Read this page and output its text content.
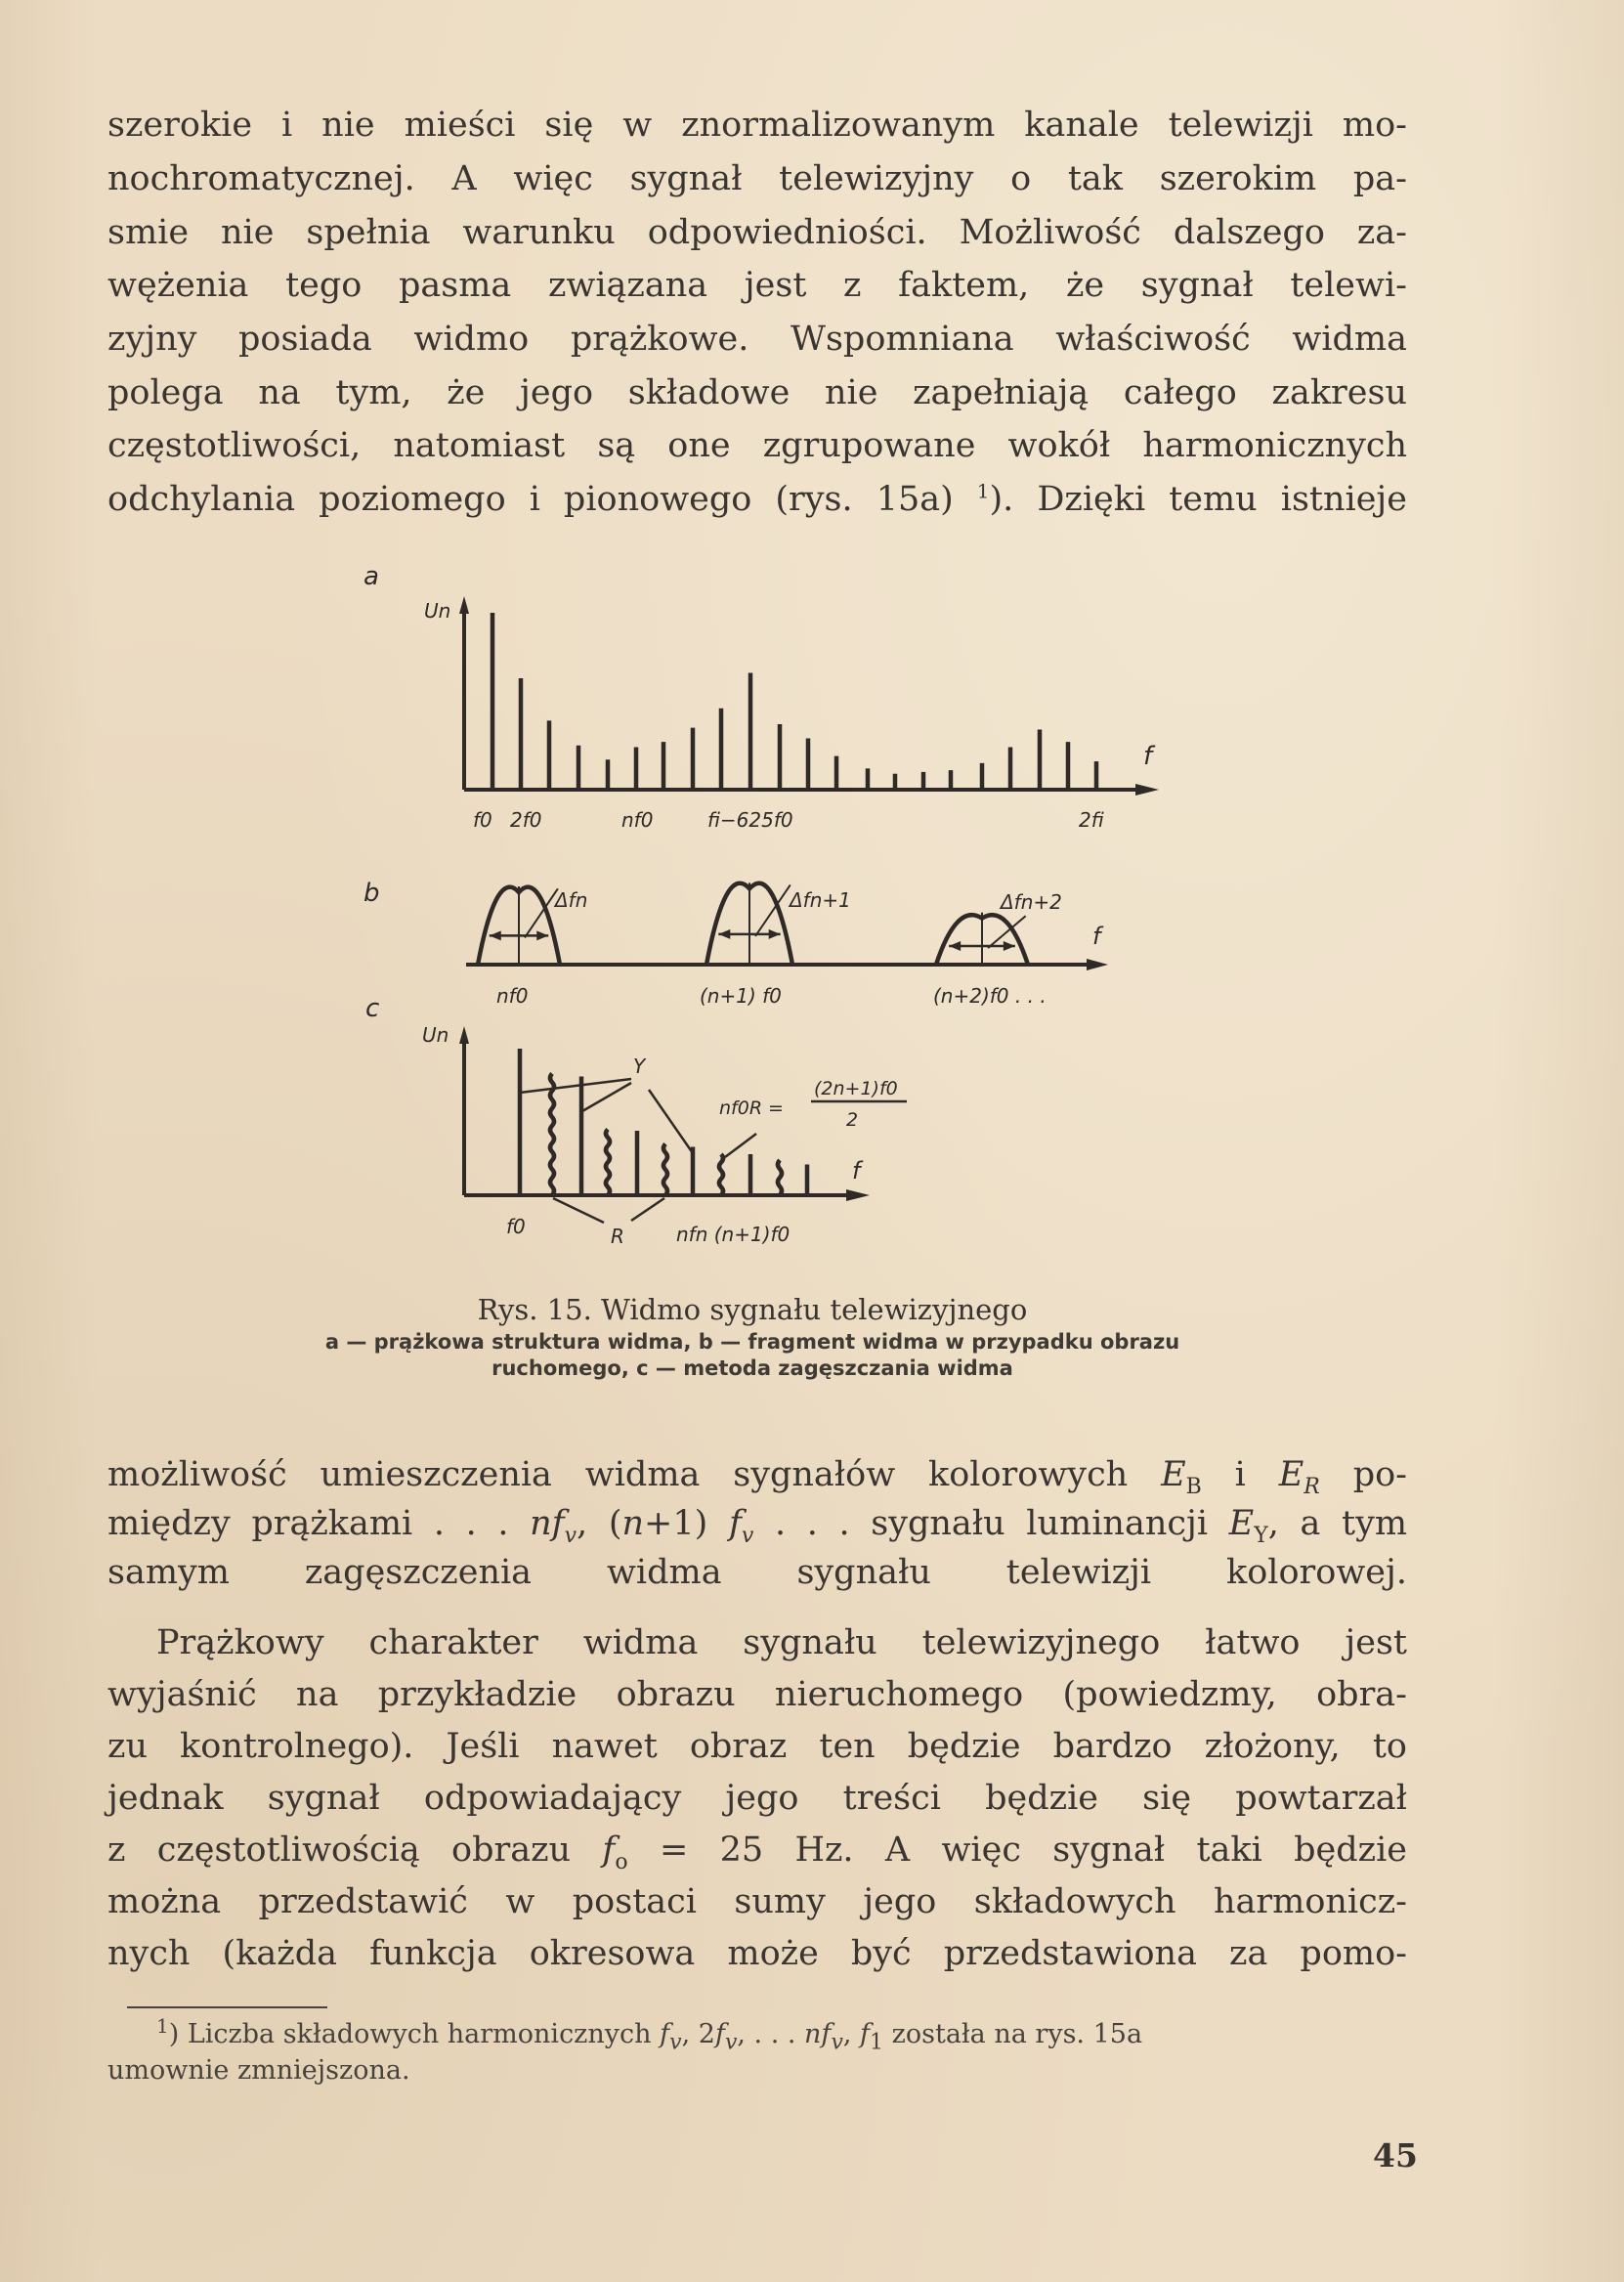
szerokie i nie mieści się w znormalizowanym kanale telewizji mo-
nochromatycznej. A więc sygnał telewizyjny o tak szerokim pa-
smie nie spełnia warunku odpowiedniości. Możliwość dalszego za-
wężenia tego pasma związana jest z faktem, że sygnał telewi-
zyjny posiada widmo prążkowe. Wspomniana właściwość widma
polega na tym, że jego składowe nie zapełniają całego zakresu
częstotliwości, natomiast są one zgrupowane wokół harmonicznych
odchylania poziomego i pionowego (rys. 15a) $^1$). Dzięki temu istnieje
a
Un
f
f0 2f0	nf0	fi−625f0	2fi
b
f
nf0	(n+1) f0	(n+2)f0 . . .
Δfn	Δfn+1	Δfn+2
c
Un
f
Y
R
nf0R =
(2n+1)f0
2
f0	nfn (n+1)f0
Rys. 15. Widmo sygnału telewizyjnego
a — prążkowa struktura widma, b — fragment widma w przypadku obrazu
ruchomego, c — metoda zagęszczania widma
możliwość umieszczenia widma sygnałów kolorowych $E_B$ i $E_R$ po-
między prążkami . . . $nf_v$, (n+1) $f_v$ . . . sygnału luminancji $E_Y$, a tym
samym zagęszczenia widma sygnału telewizji kolorowej.
Prążkowy charakter widma sygnału telewizyjnego łatwo jest
wyjaśnić na przykładzie obrazu nieruchomego (powiedzmy, obra-
zu kontrolnego). Jeśli nawet obraz ten będzie bardzo złożony, to
jednak sygnał odpowiadający jego treści będzie się powtarzał
z częstotliwością obrazu $f_o = 25$ Hz. A więc sygnał taki będzie
można przedstawić w postaci sumy jego składowych harmonicz-
nych (każda funkcja okresowa może być przedstawiona za pomo-
$^1$) Liczba składowych harmonicznych $f_v$, $2f_v$, . . . $nf_v$, $f_1$ została na rys. 15a
umownie zmniejszona.
45
